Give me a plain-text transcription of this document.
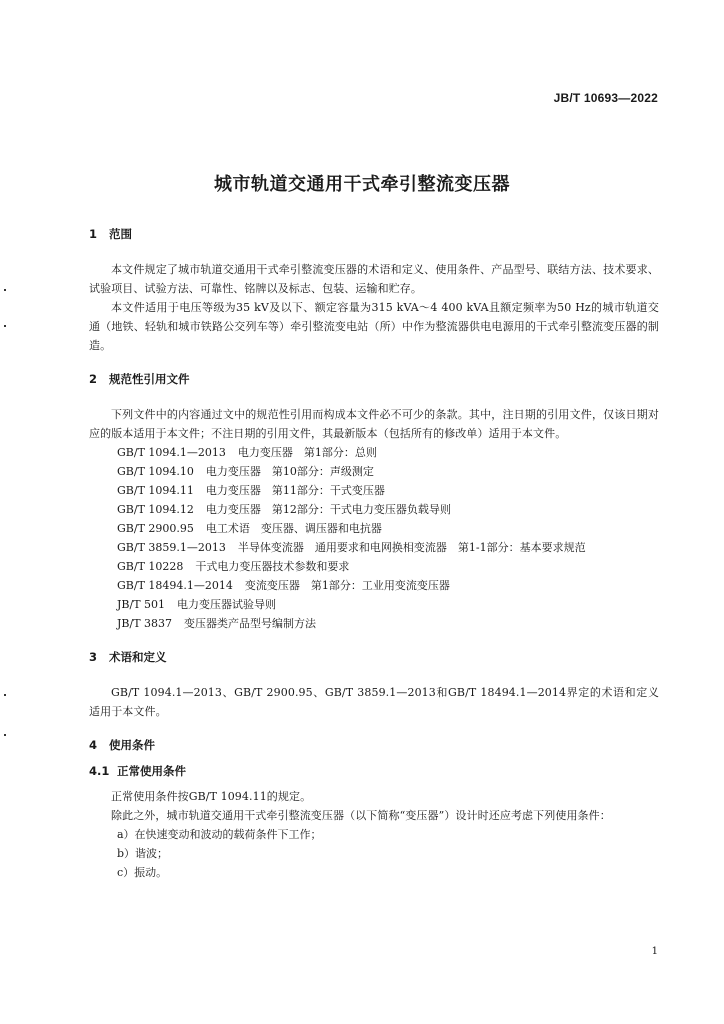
JB/T 10693—2022
城市轨道交通用干式牵引整流变压器
1 范围

本文件规定了城市轨道交通用干式牵引整流变压器的术语和定义、使用条件、产品型号、联结方法、技术要求、试验项目、试验方法、可靠性、铭牌以及标志、包装、运输和贮存。

本文件适用于电压等级为35 kV及以下、额定容量为315 kVA～4 400 kVA且额定频率为50 Hz的城市轨道交通（地铁、轻轨和城市铁路公交列车等）牵引整流变电站（所）中作为整流器供电电源用的干式牵引整流变压器的制造。

2 规范性引用文件

下列文件中的内容通过文中的规范性引用而构成本文件必不可少的条款。其中，注日期的引用文件，仅该日期对应的版本适用于本文件；不注日期的引用文件，其最新版本（包括所有的修改单）适用于本文件。

GB/T 1094.1—2013 电力变压器　第1部分：总则

GB/T 1094.10 电力变压器　第10部分：声级测定

GB/T 1094.11 电力变压器　第11部分：干式变压器

GB/T 1094.12 电力变压器　第12部分：干式电力变压器负载导则

GB/T 2900.95 电工术语　变压器、调压器和电抗器

GB/T 3859.1—2013 半导体变流器　通用要求和电网换相变流器　第1-1部分：基本要求规范

GB/T 10228 干式电力变压器技术参数和要求

GB/T 18494.1—2014 变流变压器　第1部分：工业用变流变压器

JB/T 501 电力变压器试验导则

JB/T 3837 变压器类产品型号编制方法

3 术语和定义

GB/T 1094.1—2013、GB/T 2900.95、GB/T 3859.1—2013和GB/T 18494.1—2014界定的术语和定义适用于本文件。

4 使用条件
4.1 正常使用条件

正常使用条件按GB/T 1094.11的规定。

除此之外，城市轨道交通用干式牵引整流变压器（以下简称“变压器”）设计时还应考虑下列使用条件：

a）在快速变动和波动的载荷条件下工作；

b）谐波；

c）振动。

1
